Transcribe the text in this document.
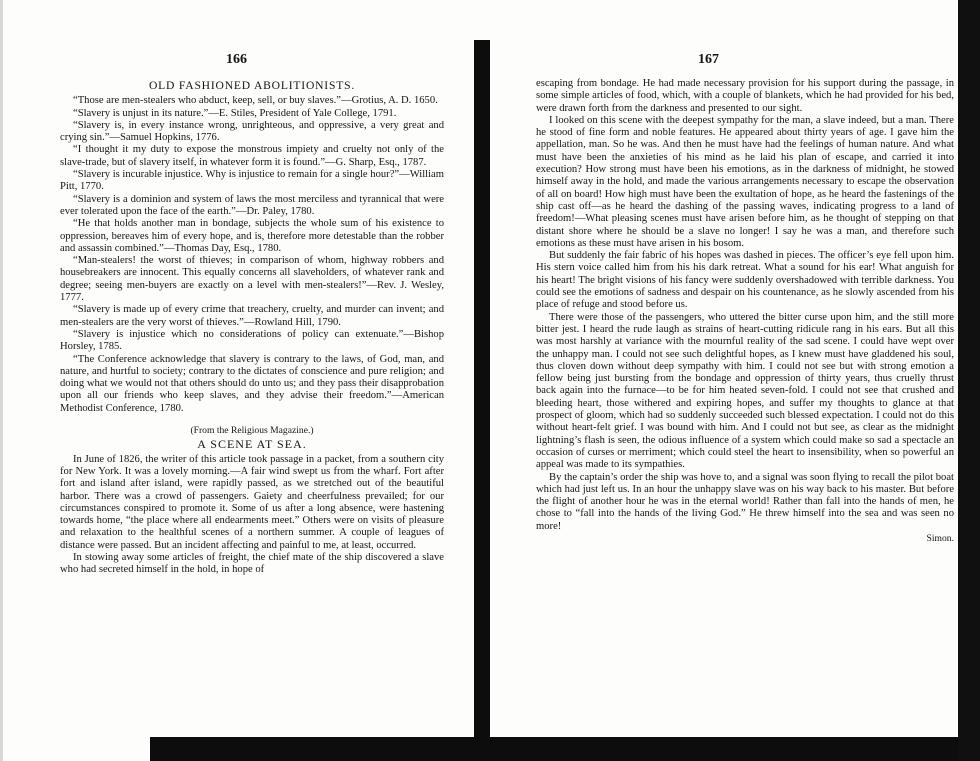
166
OLD FASHIONED ABOLITIONISTS.

“Those are men-stealers who abduct, keep, sell, or buy slaves.”—Grotius, A. D. 1650.

“Slavery is unjust in its nature.”—E. Stiles, President of Yale College, 1791.

“Slavery is, in every instance wrong, unrighteous, and oppressive, a very great and crying sin.”—Samuel Hopkins, 1776.

“I thought it my duty to expose the monstrous impiety and cruelty not only of the slave-trade, but of slavery itself, in whatever form it is found.”—G. Sharp, Esq., 1787.

“Slavery is incurable injustice. Why is injustice to remain for a single hour?”—William Pitt, 1770.

“Slavery is a dominion and system of laws the most merciless and tyrannical that were ever tolerated upon the face of the earth.”—Dr. Paley, 1780.

“He that holds another man in bondage, subjects the whole sum of his existence to oppression, bereaves him of every hope, and is, therefore more detestable than the robber and assassin combined.”—Thomas Day, Esq., 1780.

“Man-stealers! the worst of thieves; in comparison of whom, highway robbers and housebreakers are innocent. This equally concerns all slaveholders, of whatever rank and degree; seeing men-buyers are exactly on a level with men-stealers!”—Rev. J. Wesley, 1777.

“Slavery is made up of every crime that treachery, cruelty, and murder can invent; and men-stealers are the very worst of thieves.”—Rowland Hill, 1790.

“Slavery is injustice which no considerations of policy can extenuate.”—Bishop Horsley, 1785.

“The Conference acknowledge that slavery is contrary to the laws, of God, man, and nature, and hurtful to society; contrary to the dictates of conscience and pure religion; and doing what we would not that others should do unto us; and they pass their disapprobation upon all our friends who keep slaves, and they advise their freedom.”—American Methodist Conference, 1780.

(From the Religious Magazine.)
A SCENE AT SEA.

In June of 1826, the writer of this article took passage in a packet, from a southern city for New York. It was a lovely morning.—A fair wind swept us from the wharf. Fort after fort and island after island, were rapidly passed, as we stretched out of the beautiful harbor. There was a crowd of passengers. Gaiety and cheerfulness prevailed; for our circumstances conspired to promote it. Some of us after a long absence, were hastening towards home, “the place where all endearments meet.” Others were on visits of pleasure and relaxation to the healthful scenes of a northern summer. A couple of leagues of distance were passed. But an incident affecting and painful to me, at least, occurred.

In stowing away some articles of freight, the chief mate of the ship discovered a slave who had secreted himself in the hold, in hope of

167

escaping from bondage. He had made necessary provision for his support during the passage, in some simple articles of food, which, with a couple of blankets, which he had provided for his bed, were drawn forth from the darkness and presented to our sight.

I looked on this scene with the deepest sympathy for the man, a slave indeed, but a man. There he stood of fine form and noble features. He appeared about thirty years of age. I gave him the appellation, man. So he was. And then he must have had the feelings of human nature. And what must have been the anxieties of his mind as he laid his plan of escape, and carried it into execution? How strong must have been his emotions, as in the darkness of midnight, he stowed himself away in the hold, and made the various arrangements necessary to escape the observation of all on board! How high must have been the exultation of hope, as he heard the fastenings of the ship cast off—as he heard the dashing of the passing waves, indicating progress to a land of freedom!—What pleasing scenes must have arisen before him, as he thought of stepping on that distant shore where he should be a slave no longer! I say he was a man, and therefore such emotions as these must have arisen in his bosom.

But suddenly the fair fabric of his hopes was dashed in pieces. The officer’s eye fell upon him. His stern voice called him from his his dark retreat. What a sound for his ear! What anguish for his heart! The bright visions of his fancy were suddenly overshadowed with terrible darkness. You could see the emotions of sadness and despair on his countenance, as he slowly ascended from his place of refuge and stood before us.

There were those of the passengers, who uttered the bitter curse upon him, and the still more bitter jest. I heard the rude laugh as strains of heart-cutting ridicule rang in his ears. But all this was most harshly at variance with the mournful reality of the sad scene. I could have wept over the unhappy man. I could not see such delightful hopes, as I knew must have gladdened his soul, thus cloven down without deep sympathy with him. I could not see but with strong emotion a fellow being just bursting from the bondage and oppression of thirty years, thus cruelly thrust back again into the furnace—to be for him heated seven-fold. I could not see that crushed and bleeding heart, those withered and expiring hopes, and suffer my thoughts to glance at that prospect of gloom, which had so suddenly succeeded such blessed expectation. I could not do this without heart-felt grief. I was bound with him. And I could not but see, as clear as the midnight lightning’s flash is seen, the odious influence of a system which could make so sad a spectacle an occasion of curses or merriment; which could steel the heart to insensibility, when so powerful an appeal was made to its sympathies.

By the captain’s order the ship was hove to, and a signal was soon flying to recall the pilot boat which had just left us. In an hour the unhappy slave was on his way back to his master. But before the flight of another hour he was in the eternal world! Rather than fall into the hands of men, he chose to “fall into the hands of the living God.” He threw himself into the sea and was seen no more!

Simon.
